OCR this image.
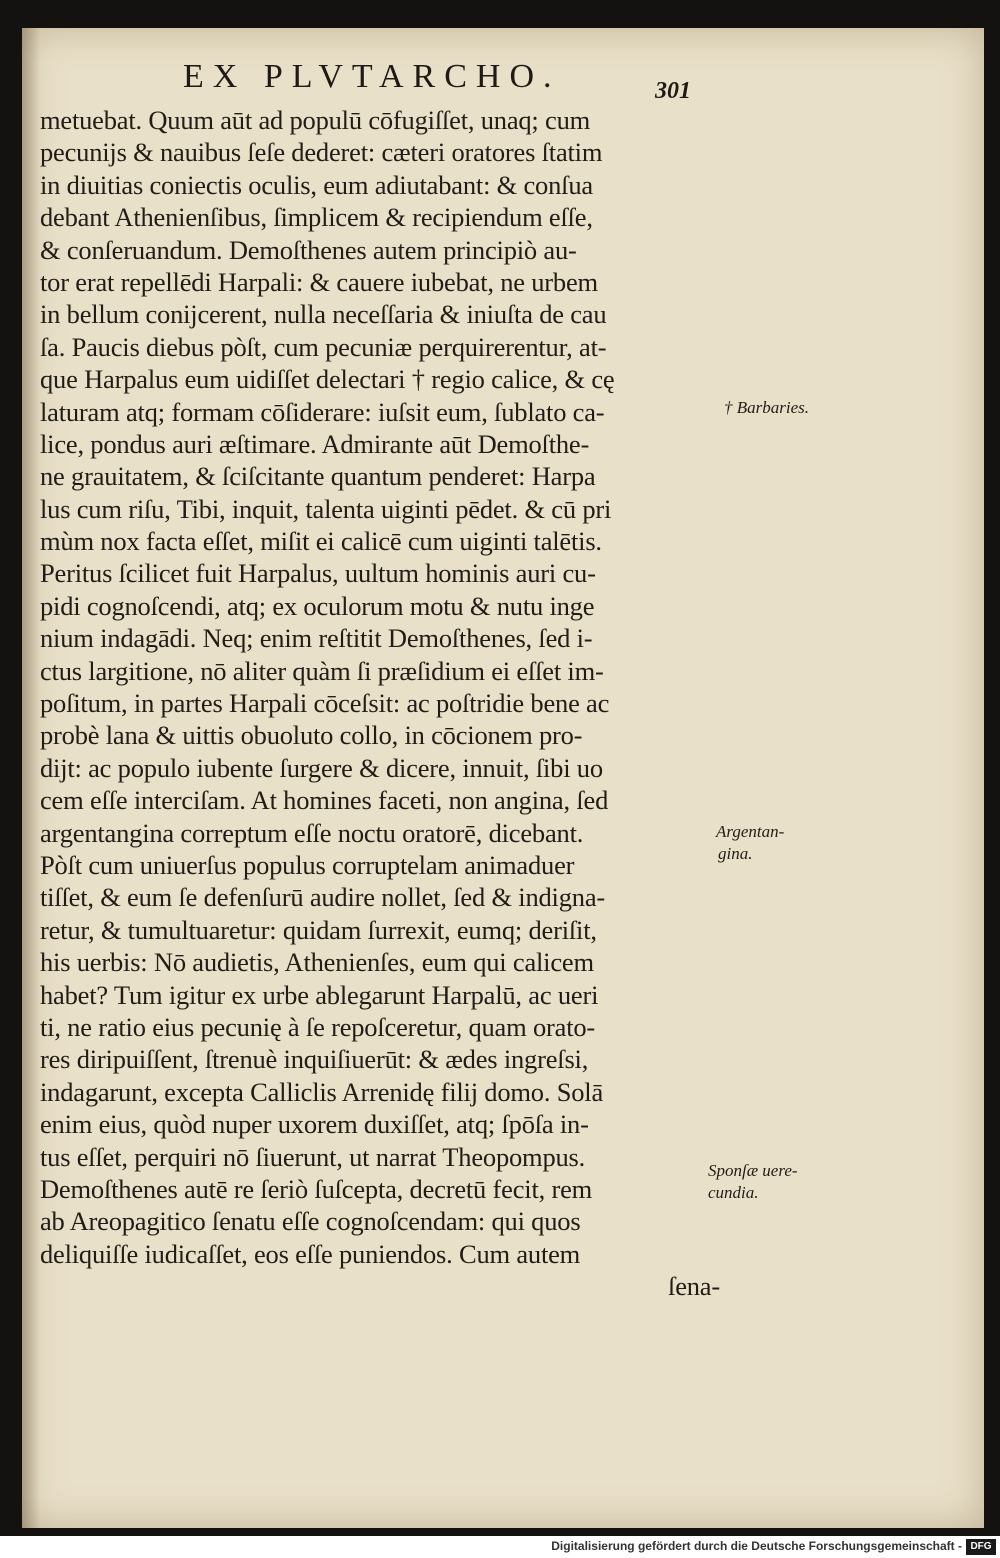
EX PLVTARCHO.	301
metuebat. Quum aūt ad populū cōfugiſſet, unaq; cum
pecunijs & nauibus ſeſe dederet: cæteri oratores ſtatim
in diuitias coniectis oculis, eum adiutabant: & conſua
debant Athenienſibus, ſimplicem & recipiendum eſſe,
& conſeruandum. Demoſthenes autem principiò au-
tor erat repellēdi Harpali: & cauere iubebat, ne urbem
in bellum conijcerent, nulla neceſſaria & iniuſta de cau
ſa. Paucis diebus pòſt, cum pecuniæ perquirerentur, at-
que Harpalus eum uidiſſet delectari † regio calice, & cę
laturam atq; formam cōſiderare: iuſsit eum, ſublato ca-
lice, pondus auri æſtimare. Admirante aūt Demoſthe-
ne grauitatem, & ſciſcitante quantum penderet: Harpa
lus cum riſu, Tibi, inquit, talenta uiginti pēdet. & cū pri
mùm nox facta eſſet, miſit ei calicē cum uiginti talētis.
Peritus ſcilicet fuit Harpalus, uultum hominis auri cu-
pidi cognoſcendi, atq; ex oculorum motu & nutu inge
nium indagādi. Neq; enim reſtitit Demoſthenes, ſed i-
ctus largitione, nō aliter quàm ſi præſidium ei eſſet im-
poſitum, in partes Harpali cōceſsit: ac poſtridie bene ac
probè lana & uittis obuoluto collo, in cōcionem pro-
dijt: ac populo iubente ſurgere & dicere, innuit, ſibi uo
cem eſſe interciſam. At homines faceti, non angina, ſed
argentangina correptum eſſe noctu oratorē, dicebant.
Pòſt cum uniuerſus populus corruptelam animaduer
tiſſet, & eum ſe defenſurū audire nollet, ſed & indigna-
retur, & tumultuaretur: quidam ſurrexit, eumq; deriſit,
his uerbis: Nō audietis, Athenienſes, eum qui calicem
habet? Tum igitur ex urbe ablegarunt Harpalū, ac ueri
ti, ne ratio eius pecunię à ſe repoſceretur, quam orato-
res diripuiſſent, ſtrenuè inquiſiuerūt: & ædes ingreſsi,
indagarunt, excepta Calliclis Arrenidę filij domo. Solā
enim eius, quòd nuper uxorem duxiſſet, atq; ſpōſa in-
tus eſſet, perquiri nō ſiuerunt, ut narrat Theopompus.
Demoſthenes autē re ſeriò ſuſcepta, decretū fecit, rem
ab Areopagitico ſenatu eſſe cognoſcendam: qui quos
deliquiſſe iudicaſſet, eos eſſe puniendos. Cum autem
ſena-
† Barbaries.
Argentan-
gina.
Sponſæ uere-
cundia.
Digitalisierung gefördert durch die Deutsche Forschungsgemeinschaft - DFG
